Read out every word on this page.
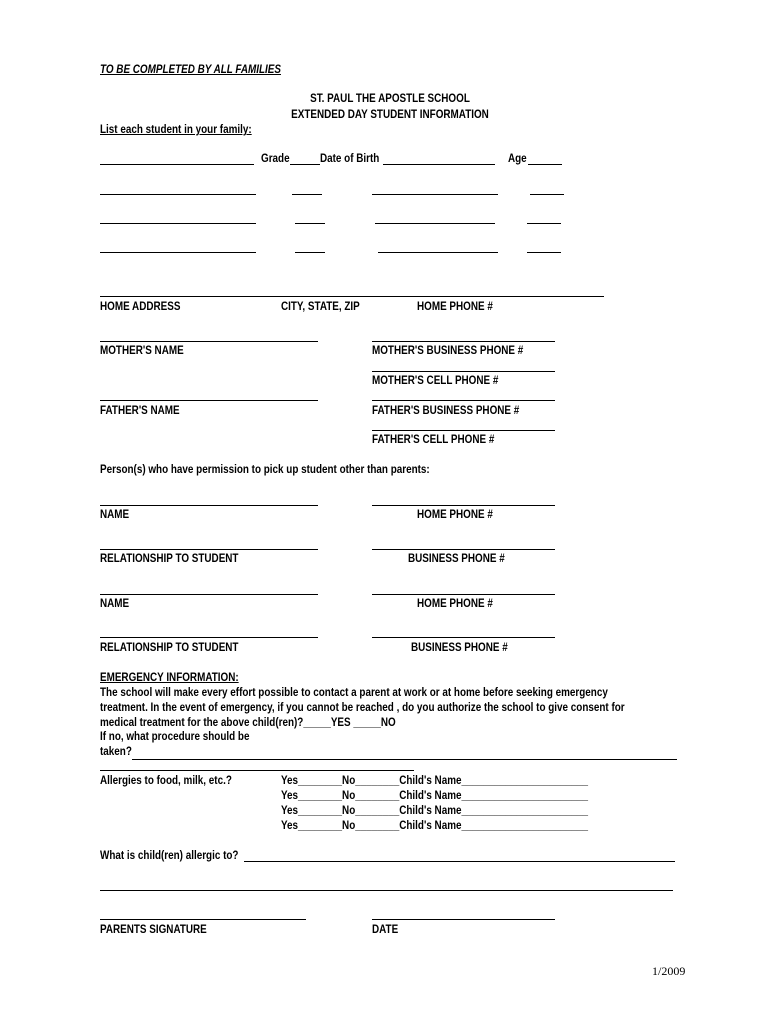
TO BE COMPLETED BY ALL FAMILIES
ST. PAUL THE APOSTLE SCHOOL
EXTENDED DAY STUDENT INFORMATION
List each student in your family:
Grade	Date of Birth	Age
HOME ADDRESS	CITY, STATE, ZIP	HOME PHONE #
MOTHER'S NAME	MOTHER'S BUSINESS PHONE #
MOTHER'S CELL PHONE #
FATHER'S NAME	FATHER'S BUSINESS PHONE #
FATHER'S CELL PHONE #
Person(s) who have permission to pick up student other than parents:
NAME	HOME PHONE #
RELATIONSHIP TO STUDENT	BUSINESS PHONE #
NAME	HOME PHONE #
RELATIONSHIP TO STUDENT	BUSINESS PHONE #
EMERGENCY INFORMATION:
The school will make every effort possible to contact a parent at work or at home before seeking emergency
treatment. In the event of emergency, if you cannot be reached , do you authorize the school to give consent for
medical treatment for the above child(ren)?_____YES _____NO
If no, what procedure should be
taken?
Allergies to food, milk, etc.?	Yes________No________Child's Name_______________________
Yes________No________Child's Name_______________________
Yes________No________Child's Name_______________________
Yes________No________Child's Name_______________________
What is child(ren) allergic to?
PARENTS SIGNATURE	DATE
1/2009
